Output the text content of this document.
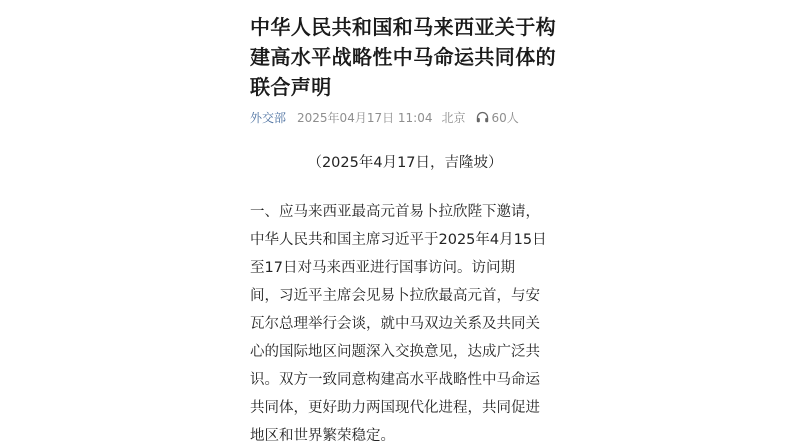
中华人民共和国和马来西亚关于构
建高水平战略性中马命运共同体的
联合声明
外交部 2025年04月17日 11:04 北京 60人
（2025年4月17日，吉隆坡）
一、应马来西亚最高元首易卜拉欣陛下邀请，
中华人民共和国主席习近平于2025年4月15日
至17日对马来西亚进行国事访问。访问期
间，习近平主席会见易卜拉欣最高元首，与安
瓦尔总理举行会谈，就中马双边关系及共同关
心的国际地区问题深入交换意见，达成广泛共
识。双方一致同意构建高水平战略性中马命运
共同体，更好助力两国现代化进程，共同促进
地区和世界繁荣稳定。
